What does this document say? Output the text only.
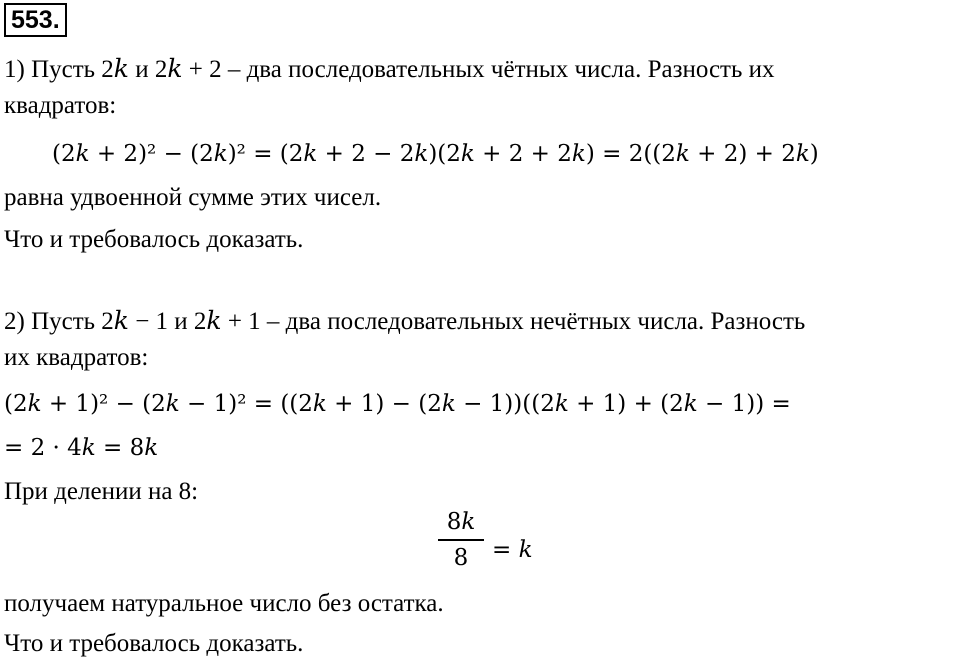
553.
1) Пусть 2𝑘 и 2𝑘 + 2 – два последовательных чётных числа. Разность их
квадратов:
(2𝑘 + 2)² − (2𝑘)² = (2𝑘 + 2 − 2𝑘)(2𝑘 + 2 + 2𝑘) = 2((2𝑘 + 2) + 2𝑘)
равна удвоенной сумме этих чисел.
Что и требовалось доказать.
2) Пусть 2𝑘 − 1 и 2𝑘 + 1 – два последовательных нечётных числа. Разность
их квадратов:
(2𝑘 + 1)² − (2𝑘 − 1)² = ((2𝑘 + 1) − (2𝑘 − 1))((2𝑘 + 1) + (2𝑘 − 1)) =
= 2 · 4𝑘 = 8𝑘
При делении на 8:
8𝑘
8 = 𝑘
получаем натуральное число без остатка.
Что и требовалось доказать.
